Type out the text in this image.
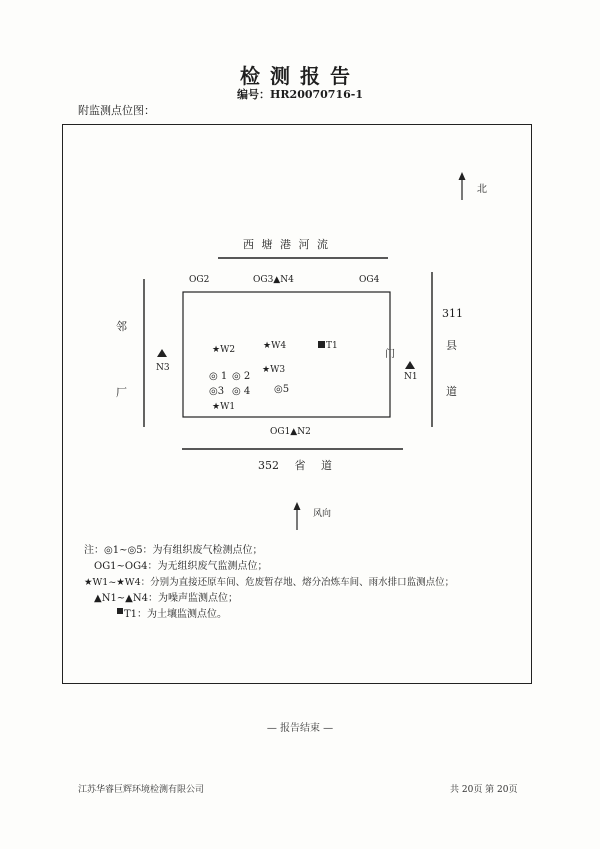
检测报告
编号：HR20070716-1
附监测点位图：
北
西 塘 港 河 流
OG2	OG3▲N4	OG4
邻
厂
311
县
道
N3
N1
门
★W2	★W4	T1
★W3
◎ 1 ◎ 2
◎3 ◎ 4 ◎5
★W1
OG1▲N2
352 省 道
风向
注：◎1~◎5：为有组织废气检测点位；
OG1~OG4：为无组织废气监测点位；
★W1~★W4：分别为直接还原车间、危废暂存地、熔分冶炼车间、雨水排口监测点位；
▲N1~▲N4：为噪声监测点位；
T1：为土壤监测点位。
— 报告结束 —
江苏华睿巨辉环境检测有限公司	共 20页 第 20页
